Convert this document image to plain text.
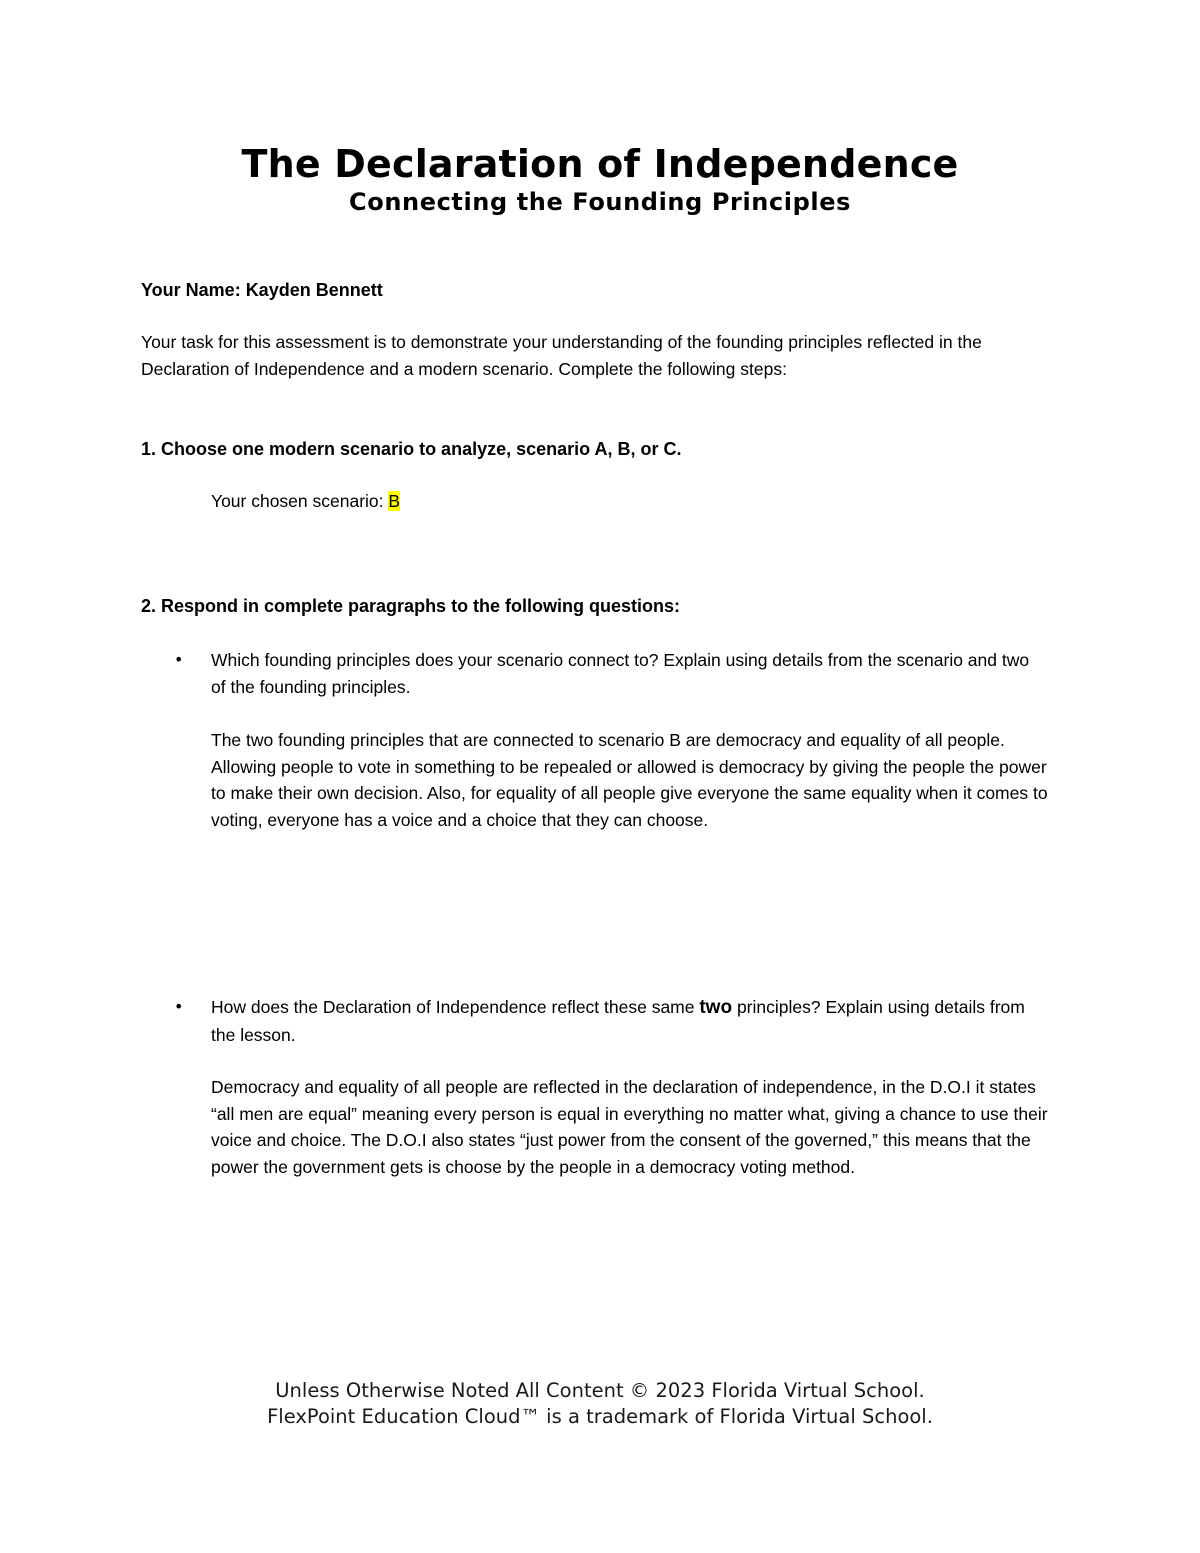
The Declaration of Independence
Connecting the Founding Principles
Your Name: Kayden Bennett
Your task for this assessment is to demonstrate your understanding of the founding principles reflected in the Declaration of Independence and a modern scenario. Complete the following steps:
1. Choose one modern scenario to analyze, scenario A, B, or C.
Your chosen scenario: B
2. Respond in complete paragraphs to the following questions:
• Which founding principles does your scenario connect to? Explain using details from the scenario and two of the founding principles.
The two founding principles that are connected to scenario B are democracy and equality of all people. Allowing people to vote in something to be repealed or allowed is democracy by giving the people the power to make their own decision. Also, for equality of all people give everyone the same equality when it comes to voting, everyone has a voice and a choice that they can choose.
• How does the Declaration of Independence reflect these same two principles? Explain using details from the lesson.
Democracy and equality of all people are reflected in the declaration of independence, in the D.O.I it states “all men are equal” meaning every person is equal in everything no matter what, giving a chance to use their voice and choice. The D.O.I also states “just power from the consent of the governed,” this means that the power the government gets is choose by the people in a democracy voting method.
Unless Otherwise Noted All Content © 2023 Florida Virtual School.
FlexPoint Education Cloud™ is a trademark of Florida Virtual School.
